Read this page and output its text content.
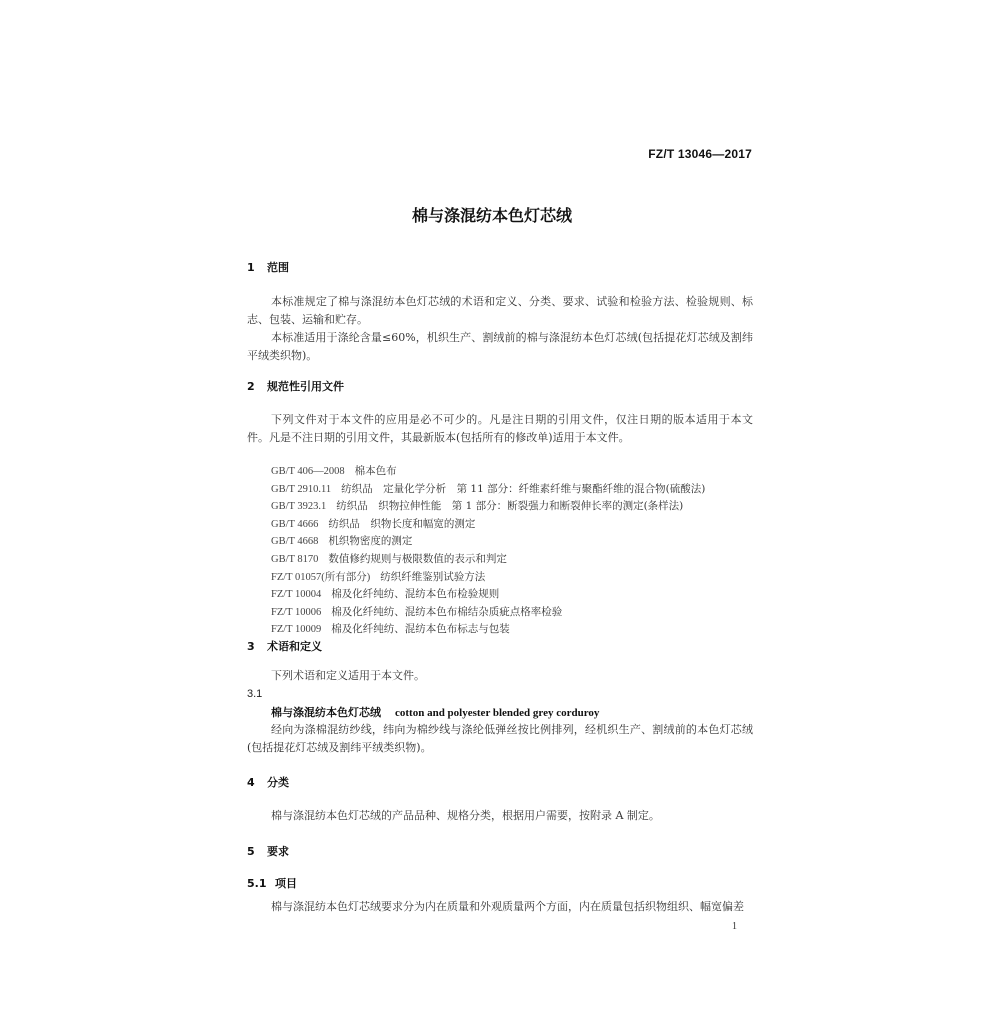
FZ/T 13046—2017
棉与涤混纺本色灯芯绒
1 范围

本标准规定了棉与涤混纺本色灯芯绒的术语和定义、分类、要求、试验和检验方法、检验规则、标志、包装、运输和贮存。

本标准适用于涤纶含量≤60%，机织生产、割绒前的棉与涤混纺本色灯芯绒(包括提花灯芯绒及割纬平绒类织物)。

2 规范性引用文件

下列文件对于本文件的应用是必不可少的。凡是注日期的引用文件，仅注日期的版本适用于本文件。凡是不注日期的引用文件，其最新版本(包括所有的修改单)适用于本文件。

GB/T 406—2008 棉本色布
GB/T 2910.11 纺织品　定量化学分析　第 11 部分：纤维素纤维与聚酯纤维的混合物(硫酸法)
GB/T 3923.1 纺织品　织物拉伸性能　第 1 部分：断裂强力和断裂伸长率的测定(条样法)
GB/T 4666 纺织品　织物长度和幅宽的测定
GB/T 4668 机织物密度的测定
GB/T 8170 数值修约规则与极限数值的表示和判定
FZ/T 01057(所有部分) 纺织纤维鉴别试验方法
FZ/T 10004 棉及化纤纯纺、混纺本色布检验规则
FZ/T 10006 棉及化纤纯纺、混纺本色布棉结杂质疵点格率检验
FZ/T 10009 棉及化纤纯纺、混纺本色布标志与包装
3 术语和定义

下列术语和定义适用于本文件。

3.1
棉与涤混纺本色灯芯绒 cotton and polyester blended grey corduroy

经向为涤棉混纺纱线，纬向为棉纱线与涤纶低弹丝按比例排列，经机织生产、割绒前的本色灯芯绒(包括提花灯芯绒及割纬平绒类织物)。

4 分类

棉与涤混纺本色灯芯绒的产品品种、规格分类，根据用户需要，按附录 A 制定。

5 要求
5.1 项目

棉与涤混纺本色灯芯绒要求分为内在质量和外观质量两个方面，内在质量包括织物组织、幅宽偏差

1
